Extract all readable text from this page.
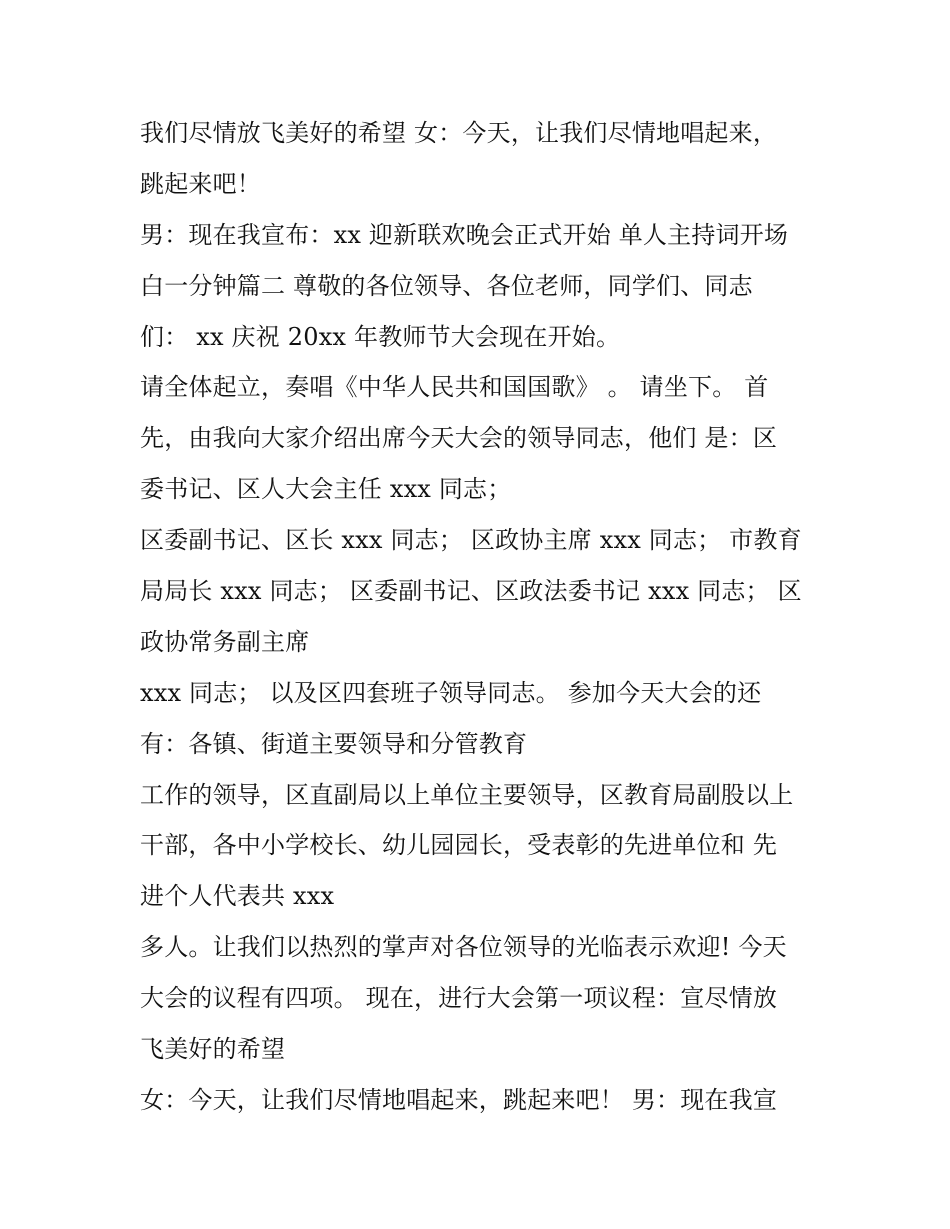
我们尽情放飞美好的希望 女：今天，让我们尽情地唱起来，
跳起来吧！
男：现在我宣布：xx 迎新联欢晚会正式开始 单人主持词开场
白一分钟篇二 尊敬的各位领导、各位老师，同学们、同志
们： xx 庆祝 20xx 年教师节大会现在开始。
请全体起立，奏唱《中华人民共和国国歌》 。 请坐下。 首
先，由我向大家介绍出席今天大会的领导同志，他们 是：区
委书记、区人大会主任 xxx 同志；
区委副书记、区长 xxx 同志； 区政协主席 xxx 同志； 市教育
局局长 xxx 同志； 区委副书记、区政法委书记 xxx 同志； 区
政协常务副主席
xxx 同志； 以及区四套班子领导同志。 参加今天大会的还
有：各镇、街道主要领导和分管教育
工作的领导，区直副局以上单位主要领导，区教育局副股以上
干部，各中小学校长、幼儿园园长，受表彰的先进单位和 先
进个人代表共 xxx
多人。让我们以热烈的掌声对各位领导的光临表示欢迎! 今天
大会的议程有四项。 现在，进行大会第一项议程：宣尽情放
飞美好的希望
女：今天，让我们尽情地唱起来，跳起来吧！ 男：现在我宣
